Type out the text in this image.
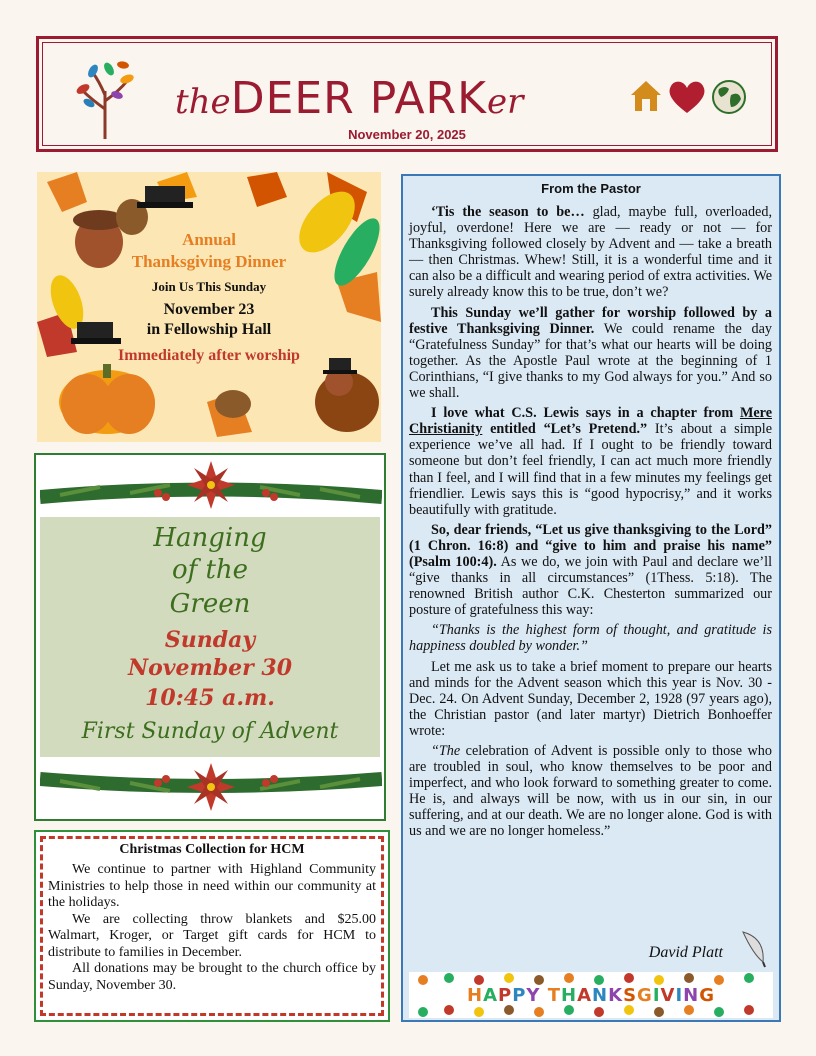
theDEER PARKer
November 20, 2025
Annual
Thanksgiving Dinner
Join Us This Sunday
November 23
in Fellowship Hall
Immediately after worship
Hanging
of the
Green
Sunday
November 30
10:45 a.m.
First Sunday of Advent
Christmas Collection for HCM

We continue to partner with Highland Community Ministries to help those in need within our community at the holidays.

We are collecting throw blankets and $25.00 Walmart, Kroger, or Target gift cards for HCM to distribute to families in December.

All donations may be brought to the church office by Sunday, November 30.

From the Pastor

‘Tis the season to be… glad, maybe full, overloaded, joyful, overdone! Here we are — ready or not — for Thanksgiving followed closely by Advent and — take a breath — then Christmas. Whew! Still, it is a wonderful time and it can also be a difficult and wearing period of extra activities. We surely already know this to be true, don’t we?

This Sunday we’ll gather for worship followed by a festive Thanksgiving Dinner. We could rename the day “Gratefulness Sunday” for that’s what our hearts will be doing together. As the Apostle Paul wrote at the beginning of 1 Corinthians, “I give thanks to my God always for you.” And so we shall.

I love what C.S. Lewis says in a chapter from Mere Christianity entitled “Let’s Pretend.” It’s about a simple experience we’ve all had. If I ought to be friendly toward someone but don’t feel friendly, I can act much more friendly than I feel, and I will find that in a few minutes my feelings get friendlier. Lewis says this is “good hypocrisy,” and it works beautifully with gratitude.

So, dear friends, “Let us give thanksgiving to the Lord” (1 Chron. 16:8) and “give to him and praise his name” (Psalm 100:4). As we do, we join with Paul and declare we’ll “give thanks in all circumstances” (1Thess. 5:18). The renowned British author C.K. Chesterton summarized our posture of gratefulness this way:

“Thanks is the highest form of thought, and gratitude is happiness doubled by wonder.”

Let me ask us to take a brief moment to prepare our hearts and minds for the Advent season which this year is Nov. 30 - Dec. 24. On Advent Sunday, December 2, 1928 (97 years ago), the Christian pastor (and later martyr) Dietrich Bonhoeffer wrote:

“The celebration of Advent is possible only to those who are troubled in soul, who know themselves to be poor and imperfect, and who look forward to something greater to come. He is, and always will be now, with us in our sin, in our suffering, and at our death. We are no longer alone. God is with us and we are no longer homeless.”

David Platt
HAPPY THANKSGIVING
